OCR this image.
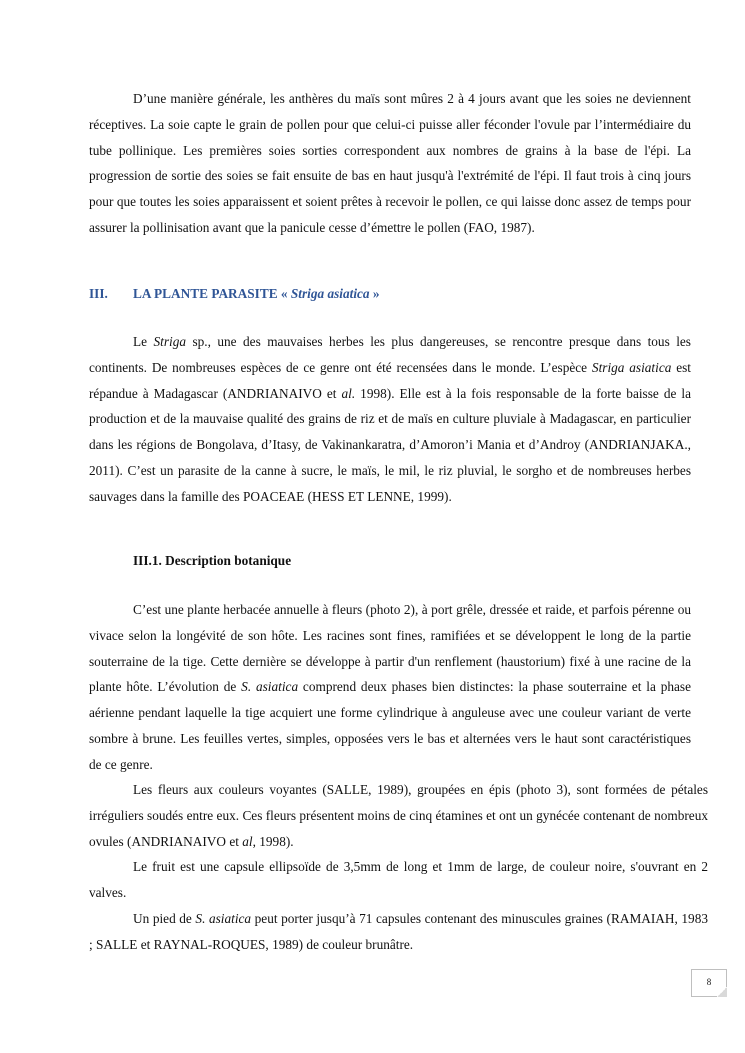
D’une manière générale, les anthères du maïs sont mûres 2 à 4 jours avant que les soies ne deviennent réceptives. La soie capte le grain de pollen pour que celui-ci puisse aller féconder l'ovule par l’intermédiaire du tube pollinique. Les premières soies sorties correspondent aux nombres de grains à la base de l'épi. La progression de sortie des soies se fait ensuite de bas en haut jusqu'à l'extrémité de l'épi. Il faut trois à cinq jours pour que toutes les soies apparaissent et soient prêtes à recevoir le pollen, ce qui laisse donc assez de temps pour assurer la pollinisation avant que la panicule cesse d’émettre le pollen (FAO, 1987).

III. LA PLANTE PARASITE « Striga asiatica »

Le Striga sp., une des mauvaises herbes les plus dangereuses, se rencontre presque dans tous les continents. De nombreuses espèces de ce genre ont été recensées dans le monde. L’espèce Striga asiatica est répandue à Madagascar (ANDRIANAIVO et al. 1998). Elle est à la fois responsable de la forte baisse de la production et de la mauvaise qualité des grains de riz et de maïs en culture pluviale à Madagascar, en particulier dans les régions de Bongolava, d’Itasy, de Vakinankaratra, d’Amoron’i Mania et d’Androy (ANDRIANJAKA., 2011). C’est un parasite de la canne à sucre, le maïs, le mil, le riz pluvial, le sorgho et de nombreuses herbes sauvages dans la famille des POACEAE (HESS ET LENNE, 1999).

III.1. Description botanique

C’est une plante herbacée annuelle à fleurs (photo 2), à port grêle, dressée et raide, et parfois pérenne ou vivace selon la longévité de son hôte. Les racines sont fines, ramifiées et se développent le long de la partie souterraine de la tige. Cette dernière se développe à partir d'un renflement (haustorium) fixé à une racine de la plante hôte. L’évolution de S. asiatica comprend deux phases bien distinctes: la phase souterraine et la phase aérienne pendant laquelle la tige acquiert une forme cylindrique à anguleuse avec une couleur variant de verte sombre à brune. Les feuilles vertes, simples, opposées vers le bas et alternées vers le haut sont caractéristiques de ce genre.

Les fleurs aux couleurs voyantes (SALLE, 1989), groupées en épis (photo 3), sont formées de pétales irréguliers soudés entre eux. Ces fleurs présentent moins de cinq étamines et ont un gynécée contenant de nombreux ovules (ANDRIANAIVO et al, 1998).

Le fruit est une capsule ellipsoïde de 3,5mm de long et 1mm de large, de couleur noire, s'ouvrant en 2 valves.

Un pied de S. asiatica peut porter jusqu’à 71 capsules contenant des minuscules graines (RAMAIAH, 1983 ; SALLE et RAYNAL-ROQUES, 1989) de couleur brunâtre.

8
